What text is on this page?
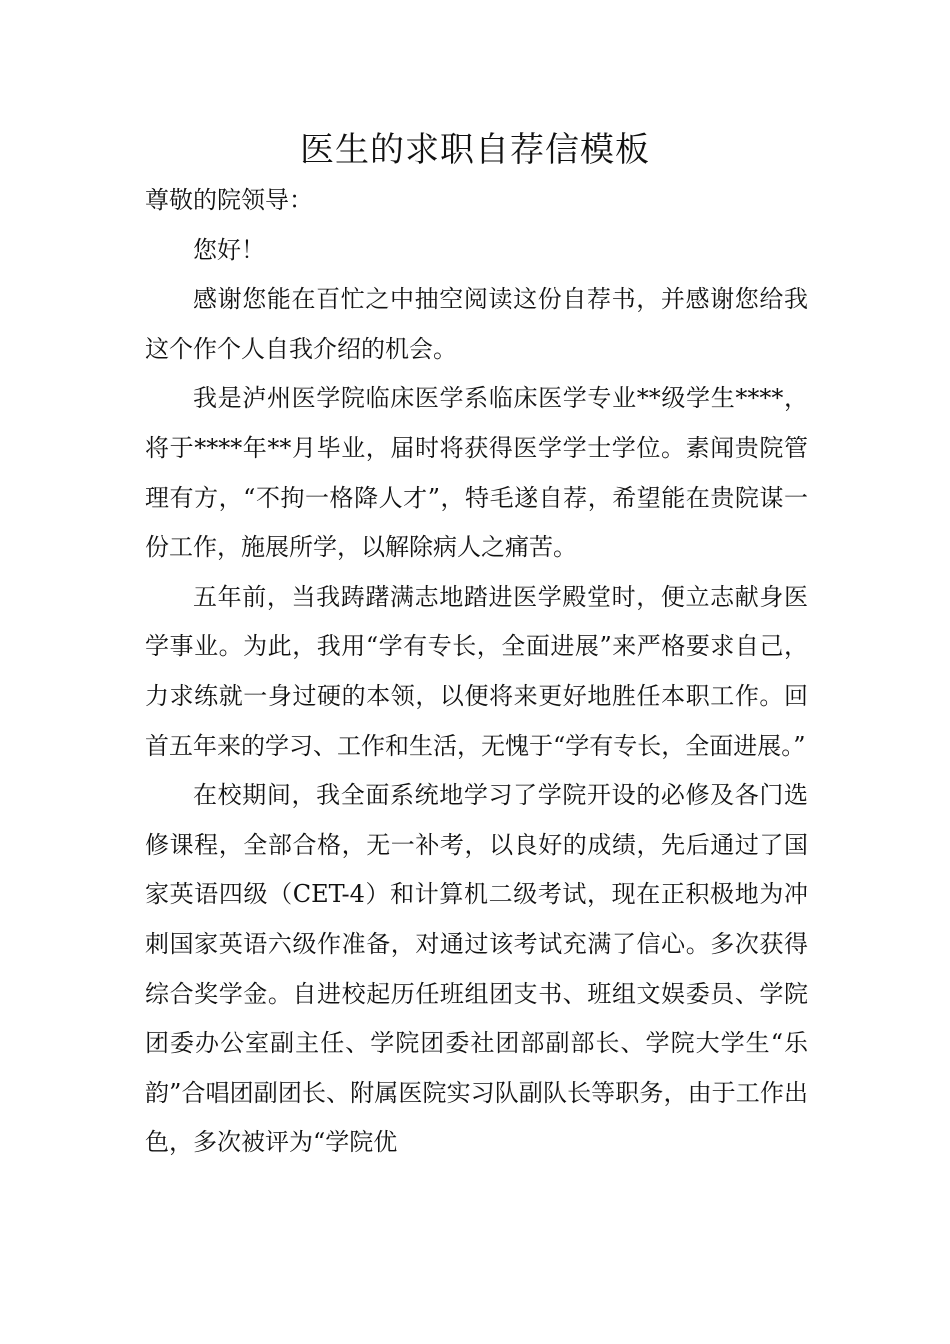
医生的求职自荐信模板

尊敬的院领导：

您好！

感谢您能在百忙之中抽空阅读这份自荐书，并感谢您给我这个作个人自我介绍的机会。

我是泸州医学院临床医学系临床医学专业**级学生****，将于****年**月毕业，届时将获得医学学士学位。素闻贵院管理有方，“不拘一格降人才”，特毛遂自荐，希望能在贵院谋一份工作，施展所学，以解除病人之痛苦。

五年前，当我踌躇满志地踏进医学殿堂时，便立志献身医学事业。为此，我用“学有专长，全面进展”来严格要求自己，力求练就一身过硬的本领，以便将来更好地胜任本职工作。回首五年来的学习、工作和生活，无愧于“学有专长，全面进展。”

在校期间，我全面系统地学习了学院开设的必修及各门选修课程，全部合格，无一补考，以良好的成绩，先后通过了国家英语四级（CET-4）和计算机二级考试，现在正积极地为冲刺国家英语六级作准备，对通过该考试充满了信心。多次获得综合奖学金。自进校起历任班组团支书、班组文娱委员、学院团委办公室副主任、学院团委社团部副部长、学院大学生“乐韵”合唱团副团长、附属医院实习队副队长等职务，由于工作出色，多次被评为“学院优
